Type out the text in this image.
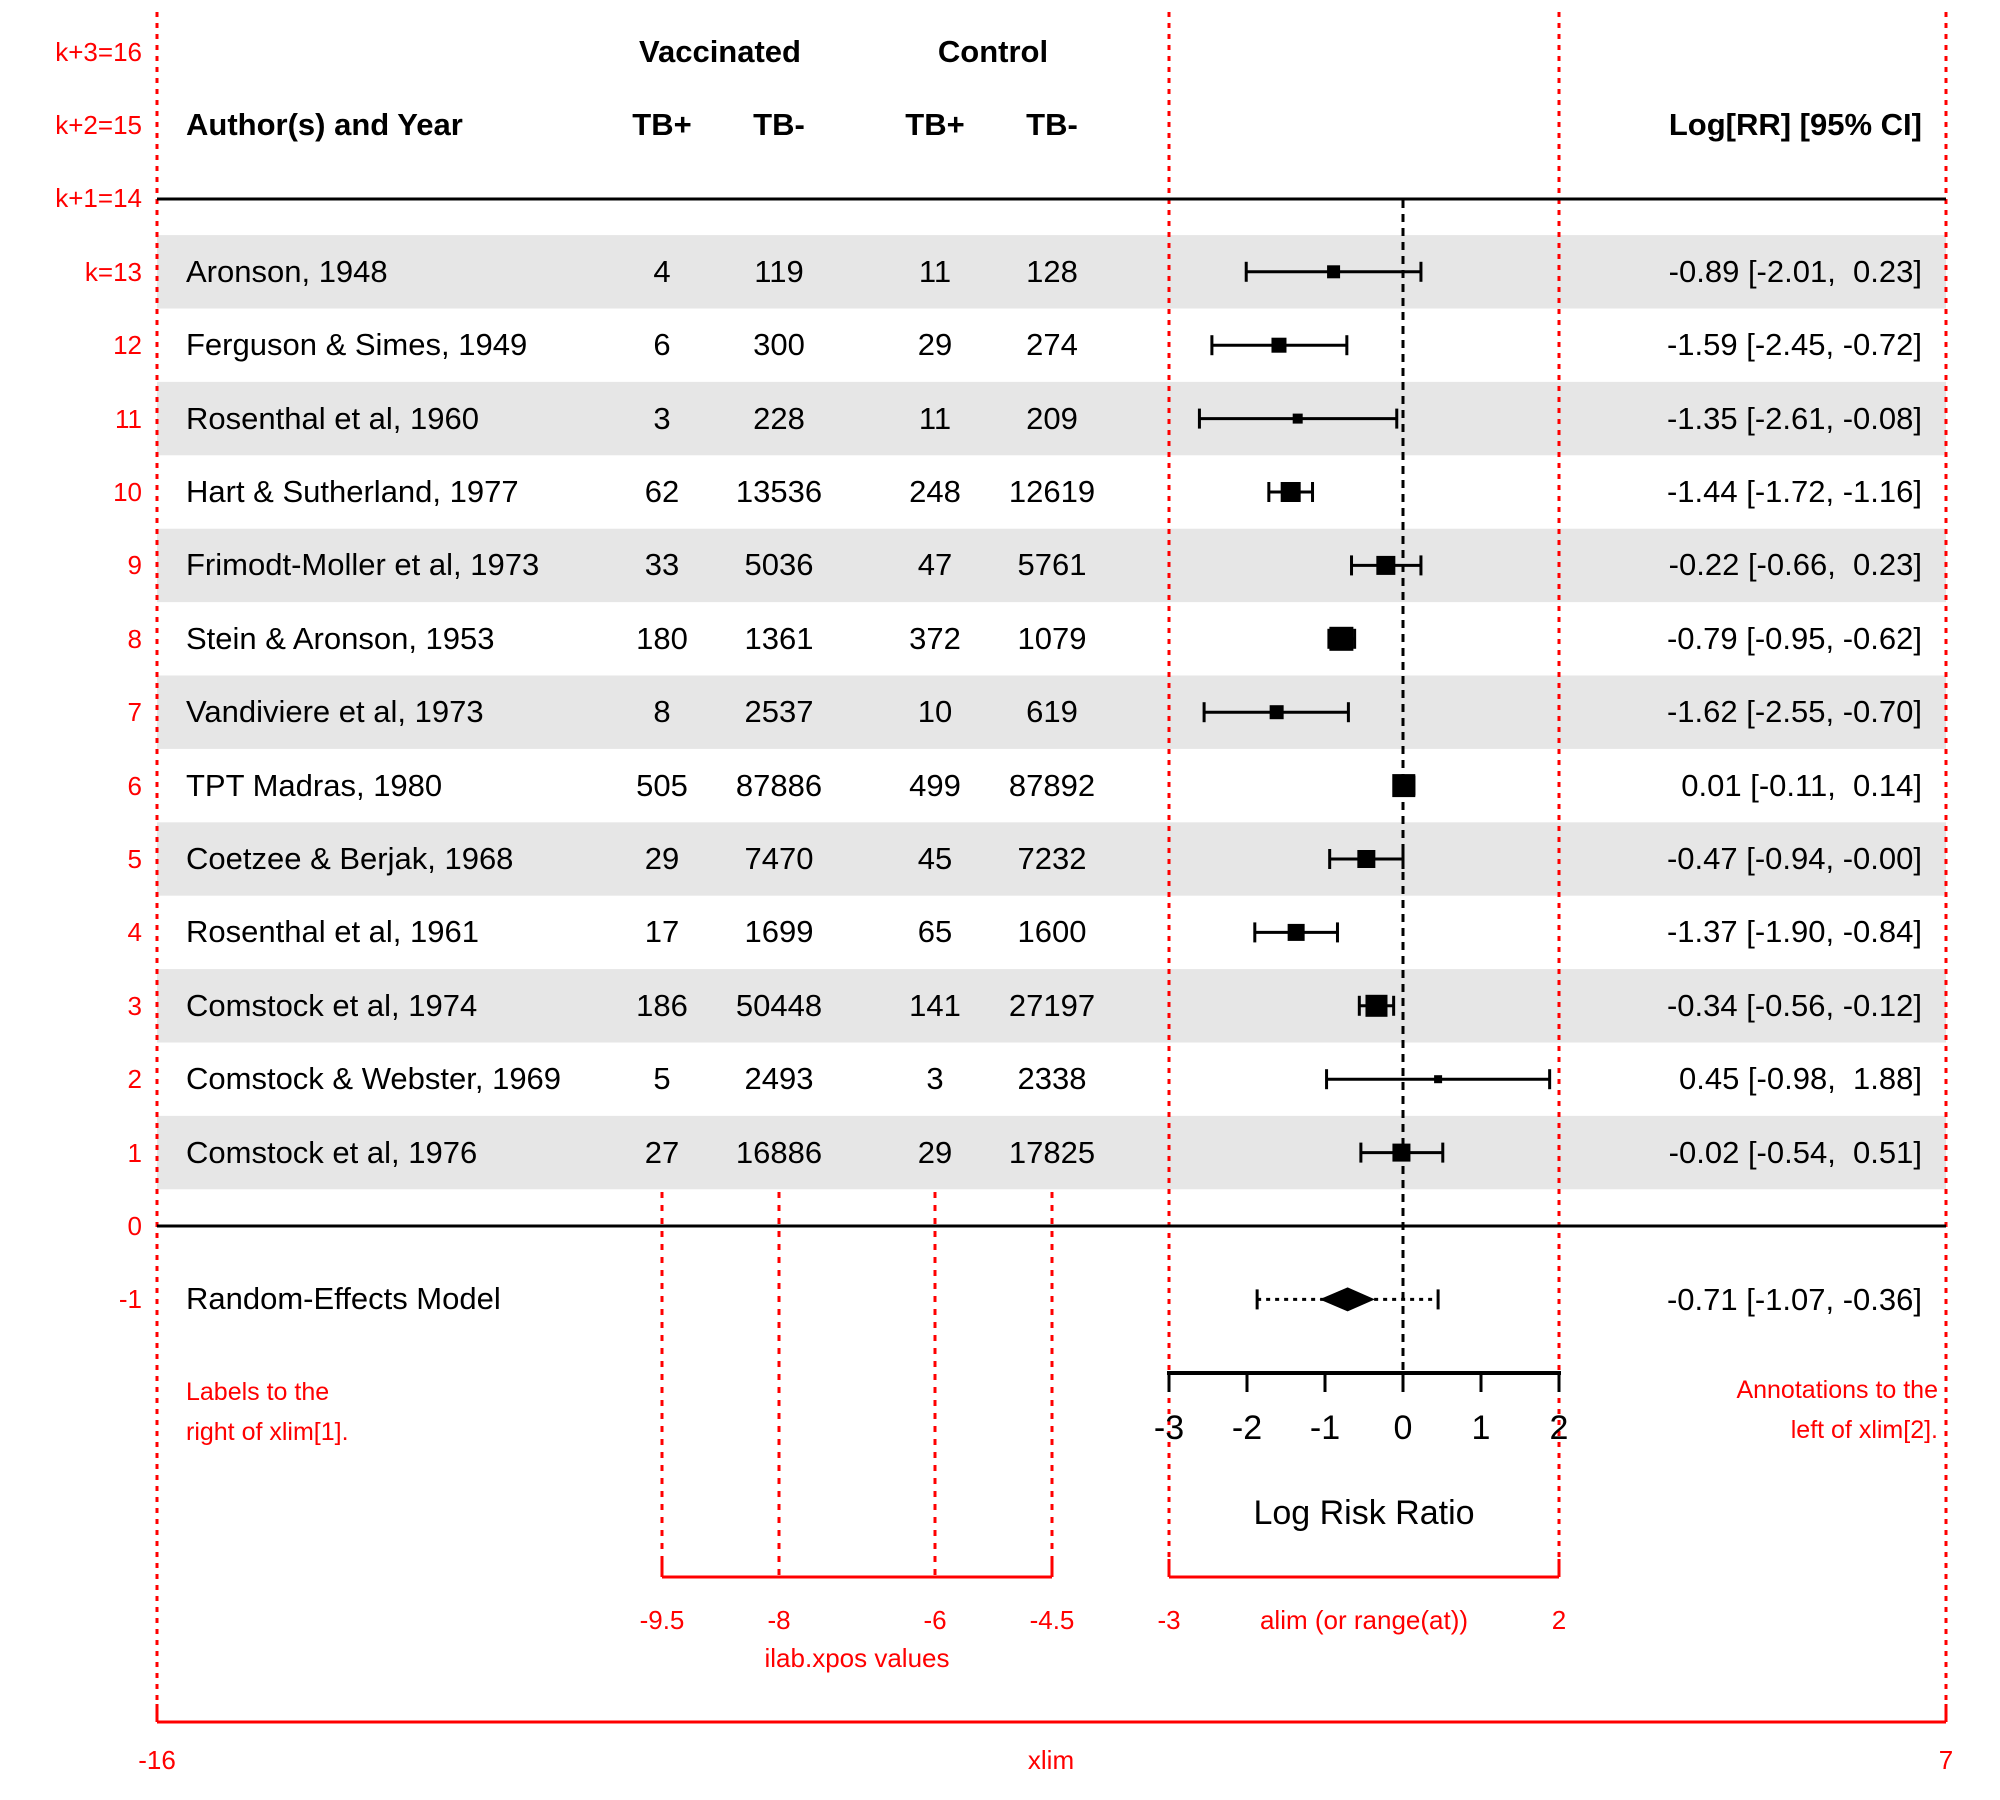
Vaccinated	Control
Author(s) and Year	TB+ TB-	TB+ TB-	Log[RR] [95% CI]
Random-Effects Model	-0.71 [-1.07, -0.36]
Log Risk Ratio
Labels to the
right of xlim[1].
Annotations to the
left of xlim[2].
-9.5	-8	-6	-4.5
ilab.xpos values
-3	alim (or range(at))	2
-16	xlim	7
-3 -2 -1 0 1 2
Aronson, 1948	4	119	11 128	-0.89 [-2.01,  0.23]
Ferguson & Simes, 1949	6	300	29 274	-1.59 [-2.45, -0.72]
Rosenthal et al, 1960	3	228	11 209	-1.35 [-2.61, -0.08]
Hart & Sutherland, 1977	62 13536	248 12619	-1.44 [-1.72, -1.16]
Frimodt-Moller et al, 1973	33 5036	47 5761	-0.22 [-0.66,  0.23]
Stein & Aronson, 1953	180 1361	372 1079	-0.79 [-0.95, -0.62]
Vandiviere et al, 1973	8 2537	10 619	-1.62 [-2.55, -0.70]
TPT Madras, 1980	505 87886	499 87892	0.01 [-0.11,  0.14]
Coetzee & Berjak, 1968	29 7470	45 7232	-0.47 [-0.94, -0.00]
Rosenthal et al, 1961	17 1699	65 1600	-1.37 [-1.90, -0.84]
Comstock et al, 1974	186 50448	141 27197	-0.34 [-0.56, -0.12]
Comstock & Webster, 1969	5 2493	3 2338	0.45 [-0.98,  1.88]
Comstock et al, 1976	27 16886	29 17825	-0.02 [-0.54,  0.51]
k+3=16
k+2=15
k+1=14
k=13
12
11
10
9
8
7
6
5
4
3
2
1
0
-1
